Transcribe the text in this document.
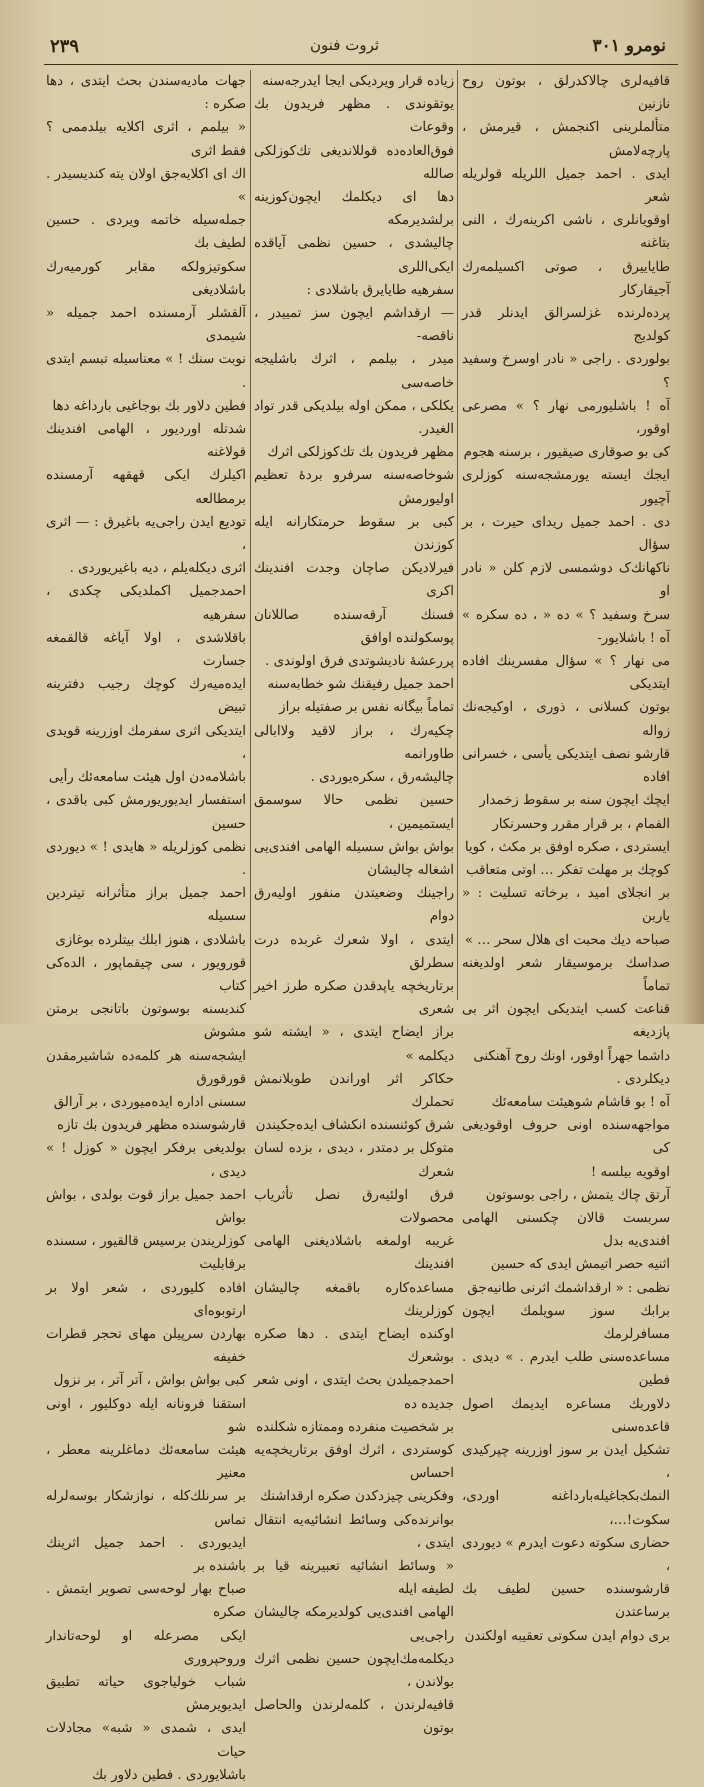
نومرو ٣٠١
ثروت فنون
٢٣٩

قافیه‌لری چالاکدرلق ، بوتون روح نازنین

متألملرینی اكنجمش ، قیرمش ، پارچه‌لامش

ایدی . احمد جمیل اللریله قولریله شعر

اوقویانلری ، ناشی اكرینه‌رك ، النی بتاغنه

طایاییرق ، صوتی اكسیلمه‌رك آجیقارکار

پرده‌لرنده غزلسرالق ایدنلر قدر کولدیج

بولوردی . راجی « نادر اوسرخ وسفید ؟

آه ! باشلیورمی نهار ؟ » مصرعی اوقور،

کی بو صوقاری صیقیور ، برسنه هجوم

ایجك ایسته یورمشجه‌سنه کوزلری آچیور

دی . احمد جمیل ریدای حیرت ، بر سؤال

ناکهانك‌ک دوشمسی لازم کلن « نادر او

سرخ وسفید ؟ » ده « ، ده سکره » آه ! باشلایور-

می نهار ؟ » سؤال مفسرینك افاده ایتدیکی

بوتون کسلانی ، ذوری ، اوكیجه‌نك زواله

قارشو نصف ایتدیکی یأسی ، خسرانی افاده

ایچك ایچون سنه بر سقوط زخمدار

الفمام ، بر قرار مقرر وحسرنکار

ایستردی ، صکره اوفق بر مکث ، کویا

کوچك بر مهلت تفکر … اوتی متعاقب

بر انجلای امید ، برخاته تسلیت : « یاربن

صباحه دیك محبت ای هلال سحر … »

صداسك برموسیقار شعر اولدیغنه تماماً

قناعت کسب ایتدیکی ایچون اثر بی پازدیغه

داشما جهراً اوقور، اونك روح آهنکنی

دیکلردی .

آه ! بو قاشام شوهیئت سامعه‌ئك

مواجهه‌سنده اونی حروف اوقودیغی کی

اوقویه بیلسه !

آرتق چاك یتمش ، راجی بوسوتون

سربست قالان چكسنی الهامی افندی‌یه بدل

اثنیه حصر اتیمش ایدی که حسین

نظمی : « ارقداشمك اثرنی طانیه‌جق

برابك سوز سویلمك ایچون مسافرلرمك

مساعده‌سنی طلب ایدرم . » دیدی . فطین

دلاوربك مساعره ایدیمك اصول قاعده‌سنی

تشکیل ایدن بر سوز اوزرینه چپرکیدی ،

النمك‌بكجاغیله‌بارداغنه اوردی، سکوت!…،

حضاری سکوته دعوت ایدرم » دیوردی ،

قارشوسنده حسین لطیف بك برساعتدن

بری دوام ایدن سکوتی تعقیبه اولکندن

زیاده قرار ویردیکی ایجا ایدرجه‌سنه

یوتقوندی . مظهر فریدون بك وقوعات

فوق‌العاده‌ده قوللاندیغی تك‌کوزلکی صالله

دها ای دیکلمك ایچون‌کوزینه برلشدیرمکه

چالیشدی ، حسین نظمی آیاقده ایکی‌اللری

سفرهیه طایایرق باشلادی :

— ارقداشم ایچون سز تمییدر ، ناقصه-

میدر ، بیلمم ، اثرك باشلیجه خاصه‌سی

یکلکی ، ممکن اوله بیلدیکی قدر تواد الغیدر.

مظهر فریدون بك تك‌کوزلکی اثرك

شوخاصه‌سنه سرفرو بردهٔ تعظیم اولیورمش

کبی بر سقوط حرمتکارانه ایله کوزندن

فیرلادیکن صاچان وجدت افندینك اکری

فسنك آرقه‌سنده صاللانان پوسکولنده اوافق

پررعشهٔ نادیشوتدی فرق اولوندی .

احمد جمیل رفیقنك شو خطابه‌سنه

تماماً بیگانه نفس بر صفتیله براز

چکیه‌رك ، براز لاقید ولاابالی طاورانمه

چالیشه‌رق ، سکره‌یوردی .

حسین نظمی حالا سوسمق ایستمیمین ،

بواش بواش سسیله الهامی افندی‌یی اشغاله چالیشان

راجینك وضعیتدن منفور اولیه‌رق دوام

ایتدی ، اولا شعرك غربده درت سطرلق

برتاریخچه یاپدقدن صکره طرز اخیر شعری

براز ایضاح ایتدی ، « ایشته شو دیکلمه »

حکاکر اثر اوراندن طوبلانمش تحملرك

شرق کوئنسنده انکشاف ایده‌جکیندن

متوکل بر دمتدر ، دیدی ، بزده لسان شعرك

فرق اولئیه‌رق نصل تأثریاب محصولات

غریبه اولمغه باشلادیغنی الهامی افندینك

مساعده‌کاره باقمغه چالیشان کوزلرینك

اوکنده ایضاح ایتدی . دها صکره بوشعرك

احمدجمیلدن بحث ایتدی ، اونی شعر جدیده ده

بر شخصیت منفرده وممتازه شکلنده

کوستردی ، اثرك اوفق برتاریخچه‌یه احساس

وفکرینی چیزدکدن صکره ارقداشنك

بوانرنده‌کی وسائط انشائیه‌یه انتقال ایتدی ،

« وسائط انشائیه تعبیرینه قیا بر لطیفه ایله

الهامی افندی‌یی کولدیرمکه چالیشان راجی‌یی

دیکلمه‌مك‌ایچون حسین نظمی اثرك بولاندن ،

قافیه‌لرندن ، کلمه‌لرندن والحاصل بوتون

جهات مادیه‌سندن بحث ایتدی ، دها صکره :

« بیلمم ، اثری اکلایه بیلدممی ؟ فقط اثری

اك ای اکلایه‌جق اولان یته کندیسیدر . »

جمله‌سیله خاتمه ویردی . حسین لطیف بك

سکوتیزولکه مقابر کورمیه‌رك باشلادیغی

آلقشلر آرمسنده احمد جمیله « شیمدی

نوبت سنك ! » معناسیله تبسم ایتدی .

فطین دلاور بك بوجاغیی بارداغه دها

شدتله اوردیور ، الهامی افندینك قولاغنه

اکیلرك ایکی قهقهه آرمسنده برمطالعه

تودیع ایدن راجی‌یه باغیرق : — اثری ،

اثری دیکله‌یلم ، دیه باغیریوردی .

احمدجمیل اکملدیکی چکدی ، سفرهیه

باقلاشدی ، اولا آیاغه قالقمغه جسارت

ایده‌میه‌رك کوچك رجیب دفترینه تبیض

ایتدیکی اثری سفرمك اوزرینه قویدی ،

باشلامه‌دن اول هیئت سامعه‌ئك رأیی

استفسار ایدیوریورمش کبی باقدی ، حسین

نظمی کوزلریله « هایدی ! » دیوردی .

احمد جمیل براز متأثرانه تیتردین سسیله

باشلادی ، هنوز ابلك بیتلرده بوغازی

قورویور ، سی چیقماپور ، الده‌کی کتاب

کندیسنه بوسوتون باتانجی برمتن مشوش

ایشجه‌سنه هر کلمه‌ده شاشیرمقدن قورقورق

سسنی اداره ایده‌میوردی ، بر آرالق

قارشوسنده مظهر فریدون بك تازه

بولدیغی برفکر ایچون « کوزل ! » دیدی ،

احمد جمیل براز قوت بولدی ، بواش بواش

کوزلریندن برسیس قالقیور ، سسنده برقابلیت

افاده کلیوردی ، شعر اولا بر ارتوبوه‌ای

بهاردن سرپیلن مهای تحجر قطرات خفیفه

کبی بواش بواش ، آتر آتر ، بر نزول

استقنا فرونانه ایله دوکلیور ، اونی شو

هیئت سامعه‌ئك دماغلرینه معطر ، معنیر

بر سرنلك‌کله ، نوازشکار بوسه‌لرله تماس

ایدیوردی . احمد جمیل اثرینك باشنده بر

صباح بهار لوحه‌سی تصویر ایتمش . صکره

ایکی مصرعله او لوحه‌تاندار وروحپروری

شباب خولیاجوی حیاته تطبیق ایدیویرمش

ایدی ، شمدی « شبه‌» مجادلات حیات

باشلایوردی . فطین دلاور بك
